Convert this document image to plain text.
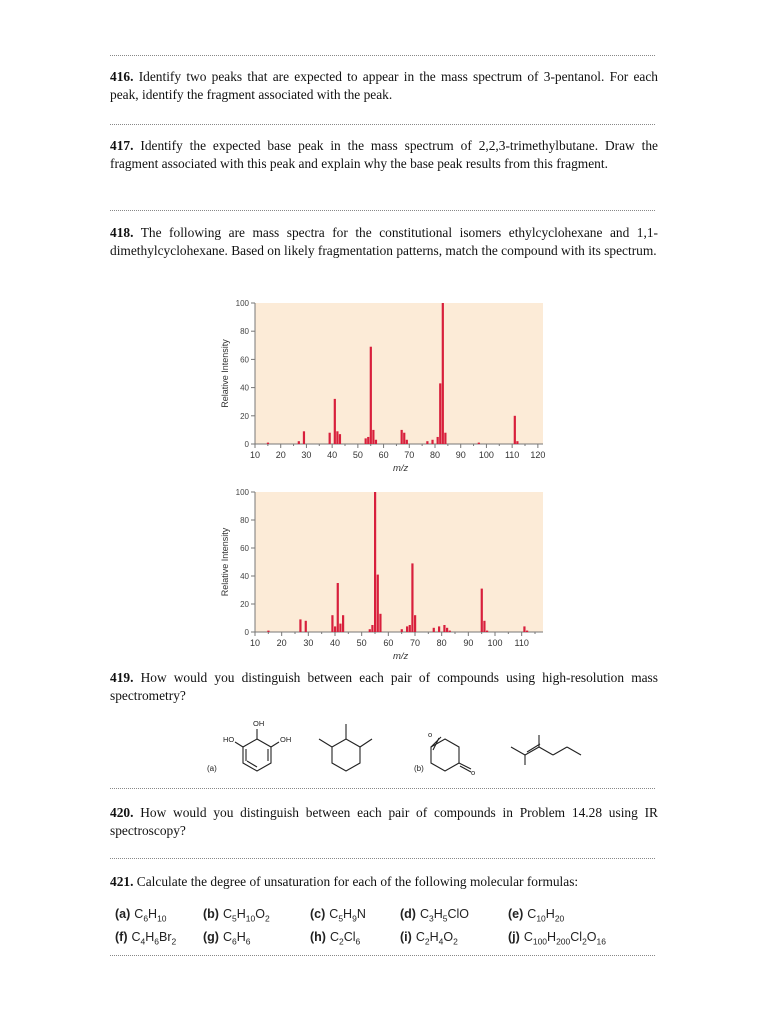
416. Identify two peaks that are expected to appear in the mass spectrum of 3-pentanol. For each peak, identify the fragment associated with the peak.
417. Identify the expected base peak in the mass spectrum of 2,2,3-trimethylbutane. Draw the fragment associated with this peak and explain why the base peak results from this fragment.
418. The following are mass spectra for the constitutional isomers ethylcyclohexane and 1,1-dimethylcyclohexane. Based on likely fragmentation patterns, match the compound with its spectrum.
419. How would you distinguish between each pair of compounds using high-resolution mass spectrometry?
420. How would you distinguish between each pair of compounds in Problem 14.28 using IR spectroscopy?
421. Calculate the degree of unsaturation for each of the following molecular formulas:
0
20
40
60
80
100
10 20 30 40 50 60 70 80 90 100 110 120
m/z
Relative Intensity
0
20
40
60
80
100
10 20 30 40 50 60 70 80 90 100 110
m/z
Relative Intensity
OH
HO	OH
(a)	(b)
o
o
(a) $C_6H_{10}$	(b) $C_5H_{10}O_2$	(c) $C_5H_9N$	(d) $C_3H_5ClO$	(e) $C_{10}H_{20}$
(f) $C_4H_6Br_2$ (g) $C_6H_6$	(h) $C_2Cl_6$	(i) $C_2H_4O_2$	(j) $C_{100}H_{200}Cl_2O_{16}$
